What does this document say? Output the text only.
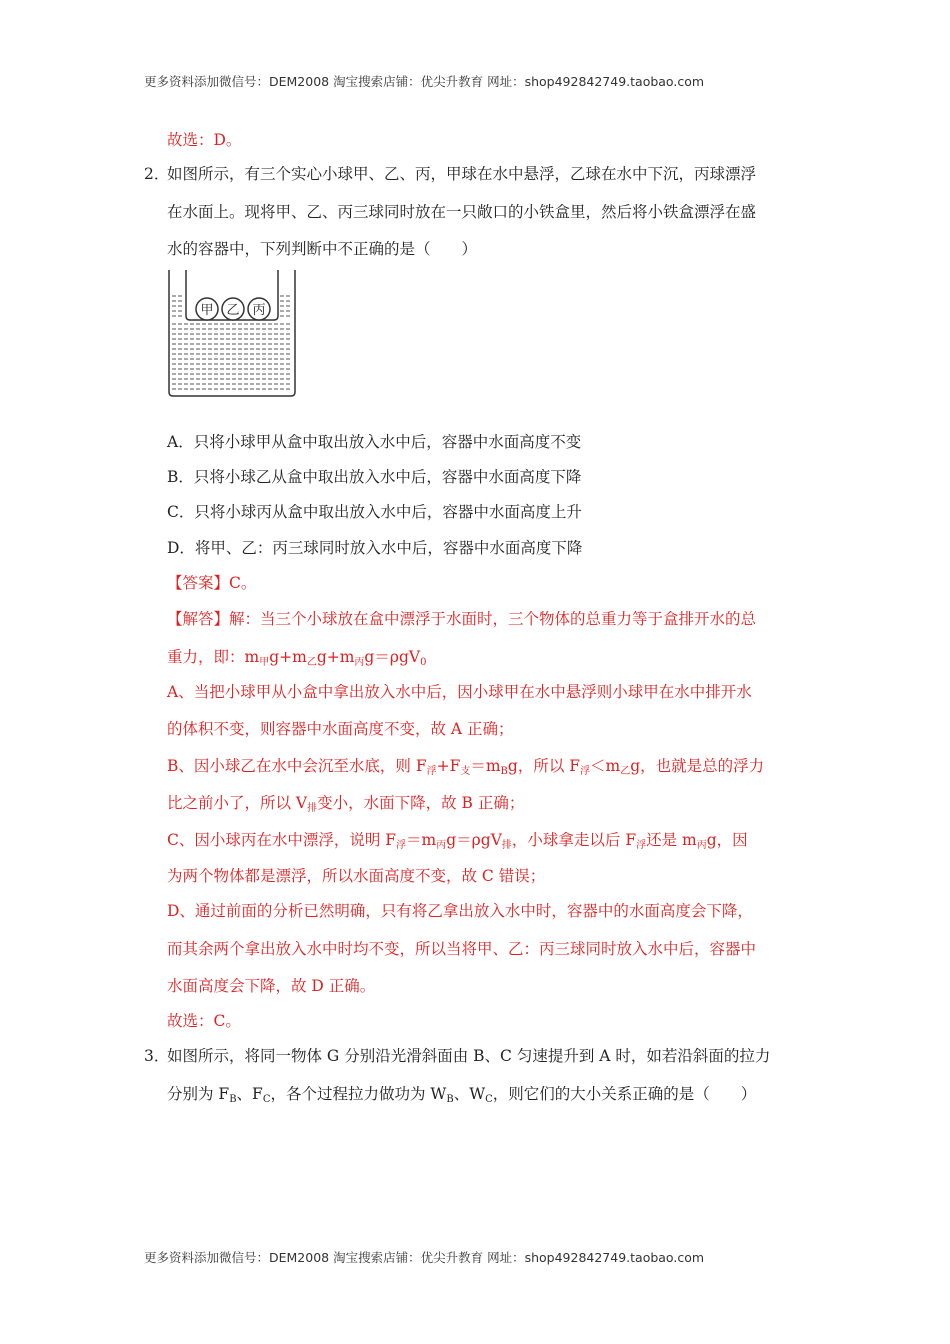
更多资料添加微信号：DEM2008 淘宝搜索店铺：优尖升教育 网址：shop492842749.taobao.com
故选：D。
2．
如图所示，有三个实心小球甲、乙、丙，甲球在水中悬浮，乙球在水中下沉，丙球漂浮
在水面上。现将甲、乙、丙三球同时放在一只敞口的小铁盒里，然后将小铁盒漂浮在盛
水的容器中，下列判断中不正确的是（　　）
甲 乙 丙
A．只将小球甲从盒中取出放入水中后，容器中水面高度不变
B．只将小球乙从盒中取出放入水中后，容器中水面高度下降
C．只将小球丙从盒中取出放入水中后，容器中水面高度上升
D．将甲、乙：丙三球同时放入水中后，容器中水面高度下降
【答案】C。
【解答】解：当三个小球放在盒中漂浮于水面时，三个物体的总重力等于盒排开水的总
重力，即：$m_甲g+m_乙g+m_丙g=\rho gV_0$
A、当把小球甲从小盒中拿出放入水中后，因小球甲在水中悬浮则小球甲在水中排开水
的体积不变，则容器中水面高度不变，故 A 正确；
B、因小球乙在水中会沉至水底，则 $F_浮+F_支=m_Bg$，所以 $F_浮<m_乙g$，也就是总的浮力
比之前小了，所以 $V_排$变小，水面下降，故 B 正确；
C、因小球丙在水中漂浮，说明 $F_浮=m_丙g=\rho gV_排$，小球拿走以后 $F_浮$还是 $m_丙g$，因
为两个物体都是漂浮，所以水面高度不变，故 C 错误；
D、通过前面的分析已然明确，只有将乙拿出放入水中时，容器中的水面高度会下降，
而其余两个拿出放入水中时均不变，所以当将甲、乙：丙三球同时放入水中后，容器中
水面高度会下降，故 D 正确。
故选：C。
3．
如图所示，将同一物体 G 分别沿光滑斜面由 B、C 匀速提升到 A 时，如若沿斜面的拉力
分别为 $F_B$、$F_C$，各个过程拉力做功为 $W_B$、$W_C$，则它们的大小关系正确的是（　　）
更多资料添加微信号：DEM2008 淘宝搜索店铺：优尖升教育 网址：shop492842749.taobao.com
